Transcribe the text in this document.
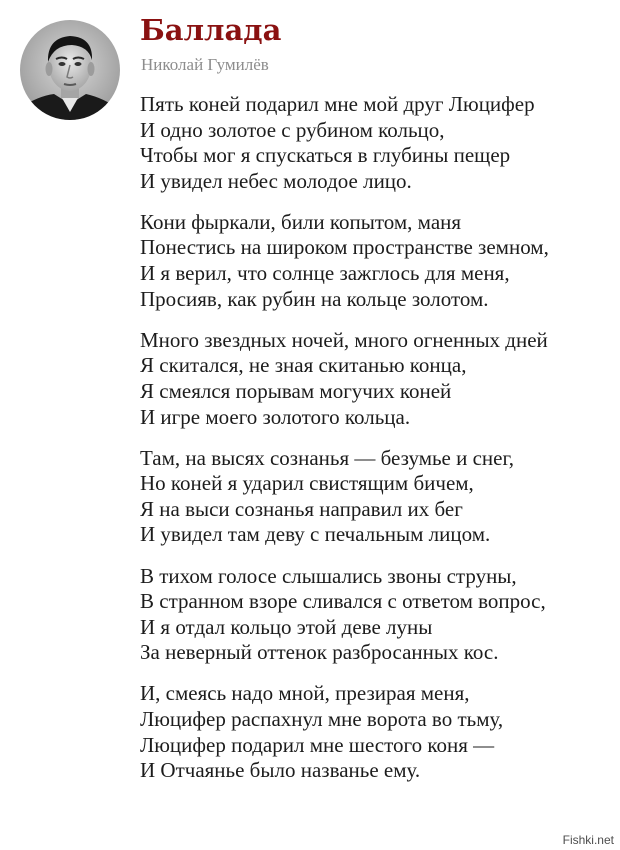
Баллада
Николай Гумилёв
Пять коней подарил мне мой друг Люцифер
И одно золотое с рубином кольцо,
Чтобы мог я спускаться в глубины пещер
И увидел небес молодое лицо.
Кони фыркали, били копытом, маня
Понестись на широком пространстве земном,
И я верил, что солнце зажглось для меня,
Просияв, как рубин на кольце золотом.
Много звездных ночей, много огненных дней
Я скитался, не зная скитанью конца,
Я смеялся порывам могучих коней
И игре моего золотого кольца.
Там, на высях сознанья — безумье и снег,
Но коней я ударил свистящим бичем,
Я на выси сознанья направил их бег
И увидел там деву с печальным лицом.
В тихом голосе слышались звоны струны,
В странном взоре сливался с ответом вопрос,
И я отдал кольцо этой деве луны
За неверный оттенок разбросанных кос.
И, смеясь надо мной, презирая меня,
Люцифер распахнул мне ворота во тьму,
Люцифер подарил мне шестого коня —
И Отчаянье было названье ему.
Fishki.net
